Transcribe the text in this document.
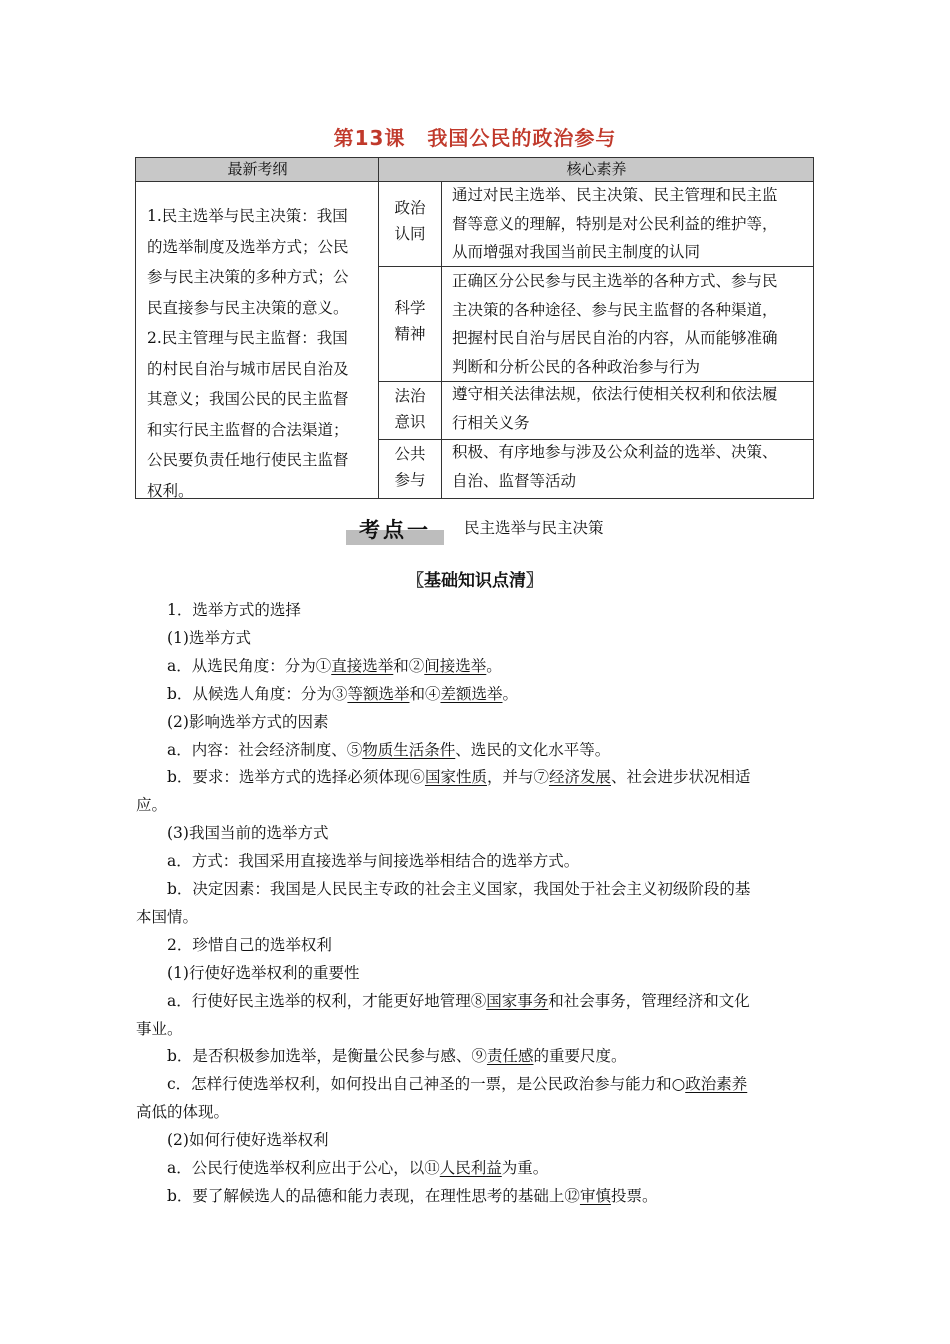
第13课 我国公民的政治参与
最新考纲	核心素养
1.民主选举与民主决策：我国
的选举制度及选举方式；公民
参与民主决策的多种方式；公
民直接参与民主决策的意义。
2.民主管理与民主监督：我国
的村民自治与城市居民自治及
其意义；我国公民的民主监督
和实行民主监督的合法渠道；
公民要负责任地行使民主监督
权利。
政治
认同
通过对民主选举、民主决策、民主管理和民主监
督等意义的理解，特别是对公民利益的维护等，
从而增强对我国当前民主制度的认同
科学
精神
正确区分公民参与民主选举的各种方式、参与民
主决策的各种途径、参与民主监督的各种渠道，
把握村民自治与居民自治的内容，从而能够准确
判断和分析公民的各种政治参与行为
法治
意识
遵守相关法律法规，依法行使相关权利和依法履
行相关义务
公共
参与
积极、有序地参与涉及公众利益的选举、决策、
自治、监督等活动
考点一	民主选举与民主决策
〖基础知识点清〗
1．选举方式的选择
(1)选举方式
a．从选民角度：分为①直接选举和②间接选举。
b．从候选人角度：分为③等额选举和④差额选举。
(2)影响选举方式的因素
a．内容：社会经济制度、⑤物质生活条件、选民的文化水平等。
b．要求：选举方式的选择必须体现⑥国家性质，并与⑦经济发展、社会进步状况相适
应。
(3)我国当前的选举方式
a．方式：我国采用直接选举与间接选举相结合的选举方式。
b．决定因素：我国是人民民主专政的社会主义国家，我国处于社会主义初级阶段的基
本国情。
2．珍惜自己的选举权利
(1)行使好选举权利的重要性
a．行使好民主选举的权利，才能更好地管理⑧国家事务和社会事务，管理经济和文化
事业。
b．是否积极参加选举，是衡量公民参与感、⑨责任感的重要尺度。
c．怎样行使选举权利，如何投出自己神圣的一票，是公民政治参与能力和○政治素养
高低的体现。
(2)如何行使好选举权利
a．公民行使选举权利应出于公心，以⑪人民利益为重。
b．要了解候选人的品德和能力表现，在理性思考的基础上⑫审慎投票。
